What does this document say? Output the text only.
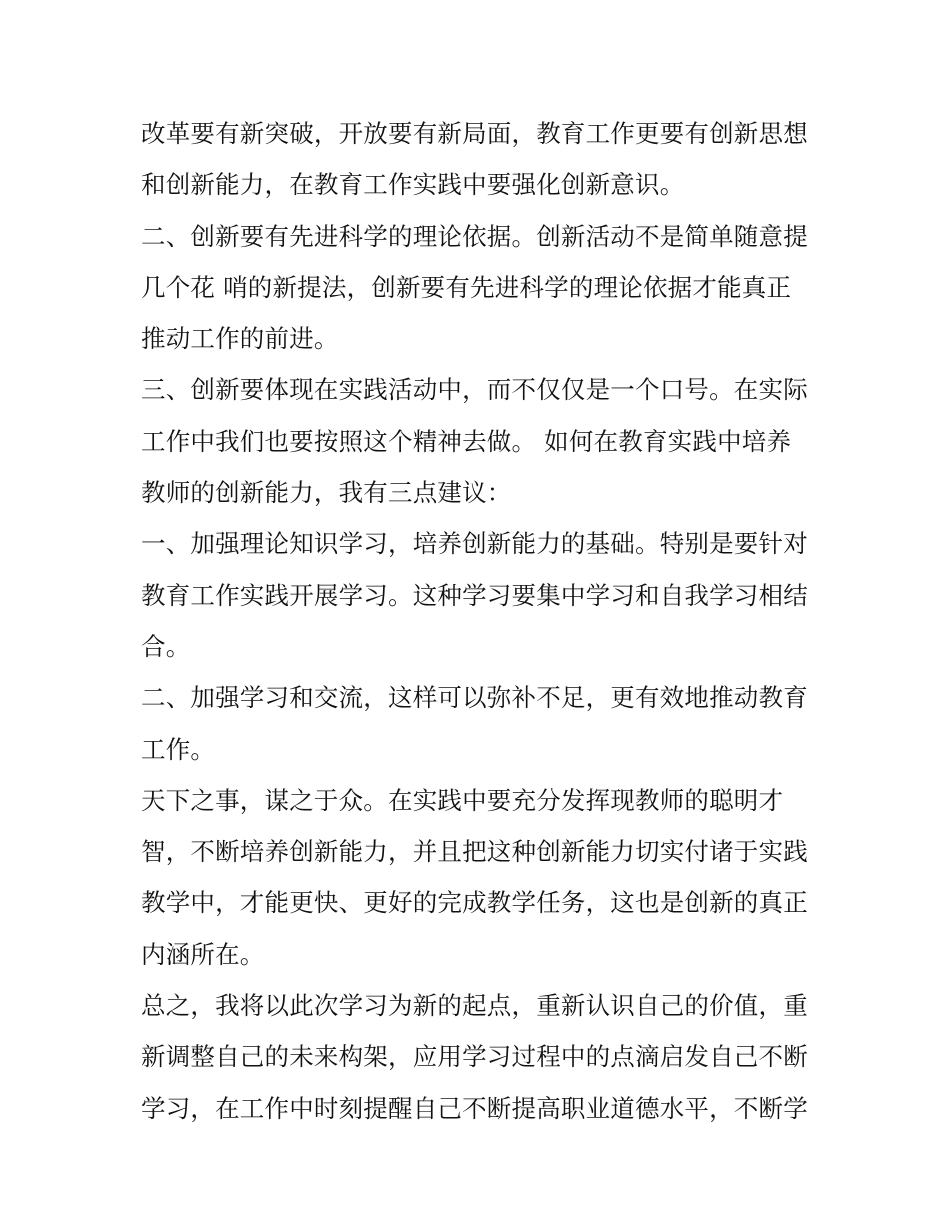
改革要有新突破，开放要有新局面，教育工作更要有创新思想
和创新能力，在教育工作实践中要强化创新意识。
二、创新要有先进科学的理论依据。创新活动不是简单随意提
几个花 哨的新提法，创新要有先进科学的理论依据才能真正
推动工作的前进。
三、创新要体现在实践活动中，而不仅仅是一个口号。在实际
工作中我们也要按照这个精神去做。 如何在教育实践中培养
教师的创新能力，我有三点建议：
一、加强理论知识学习，培养创新能力的基础。特别是要针对
教育工作实践开展学习。这种学习要集中学习和自我学习相结
合。
二、加强学习和交流，这样可以弥补不足，更有效地推动教育
工作。
天下之事，谋之于众。在实践中要充分发挥现教师的聪明才
智，不断培养创新能力，并且把这种创新能力切实付诸于实践
教学中，才能更快、更好的完成教学任务，这也是创新的真正
内涵所在。
总之，我将以此次学习为新的起点，重新认识自己的价值，重
新调整自己的未来构架，应用学习过程中的点滴启发自己不断
学习，在工作中时刻提醒自己不断提高职业道德水平，不断学
